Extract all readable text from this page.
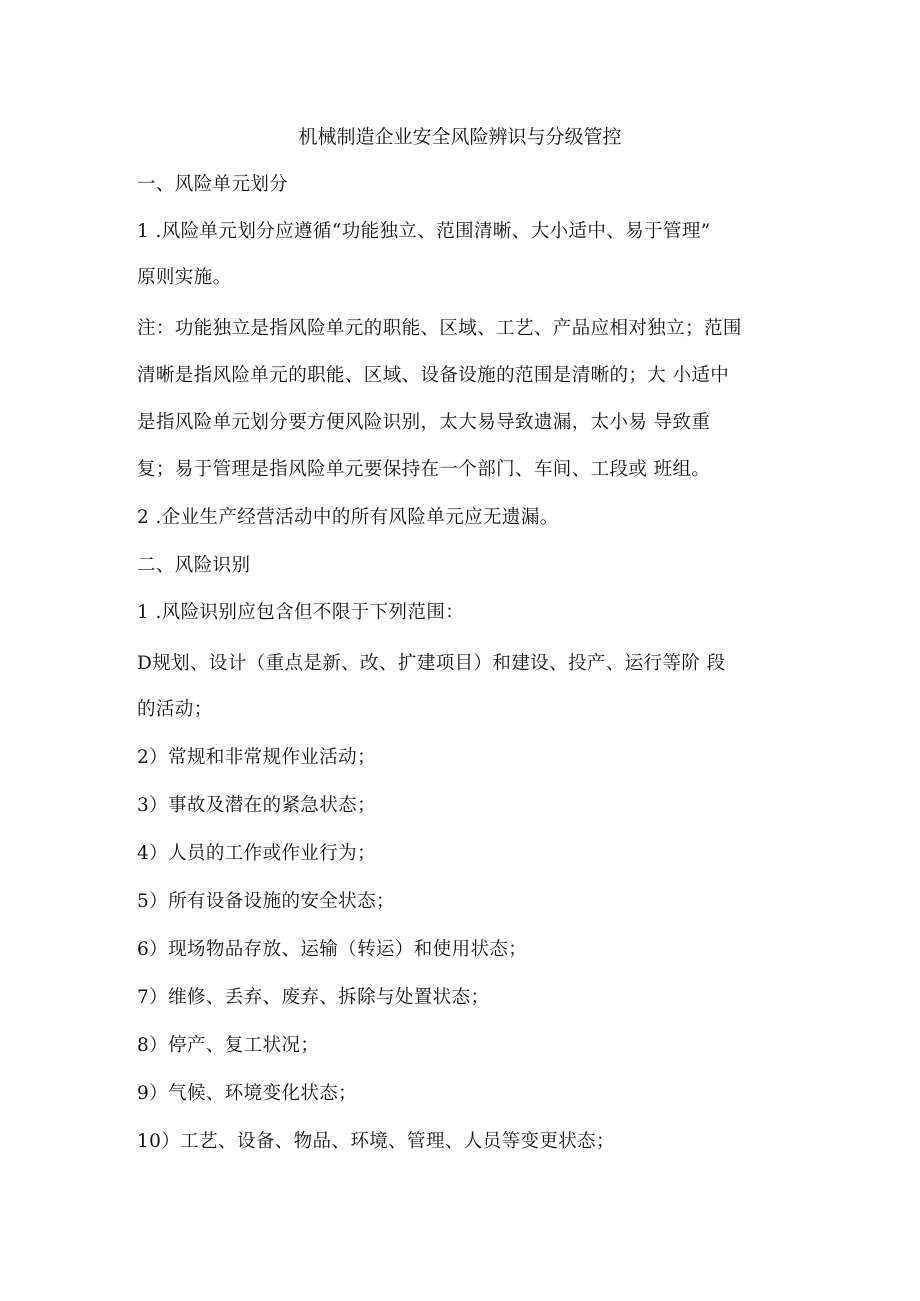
机械制造企业安全风险辨识与分级管控
一、风险单元划分
1 .风险单元划分应遵循“功能独立、范围清晰、大小适中、易于管理”
原则实施。
注：功能独立是指风险单元的职能、区域、工艺、产品应相对独立；范围
清晰是指风险单元的职能、区域、设备设施的范围是清晰的；大 小适中
是指风险单元划分要方便风险识别，太大易导致遗漏，太小易 导致重
复；易于管理是指风险单元要保持在一个部门、车间、工段或 班组。
2 .企业生产经营活动中的所有风险单元应无遗漏。
二、风险识别
1 .风险识别应包含但不限于下列范围：
D规划、设计（重点是新、改、扩建项目）和建设、投产、运行等阶 段
的活动；
2）常规和非常规作业活动；
3）事故及潜在的紧急状态；
4）人员的工作或作业行为；
5）所有设备设施的安全状态；
6）现场物品存放、运输（转运）和使用状态；
7）维修、丢弃、废弃、拆除与处置状态；
8）停产、复工状况；
9）气候、环境变化状态；
10）工艺、设备、物品、环境、管理、人员等变更状态；
